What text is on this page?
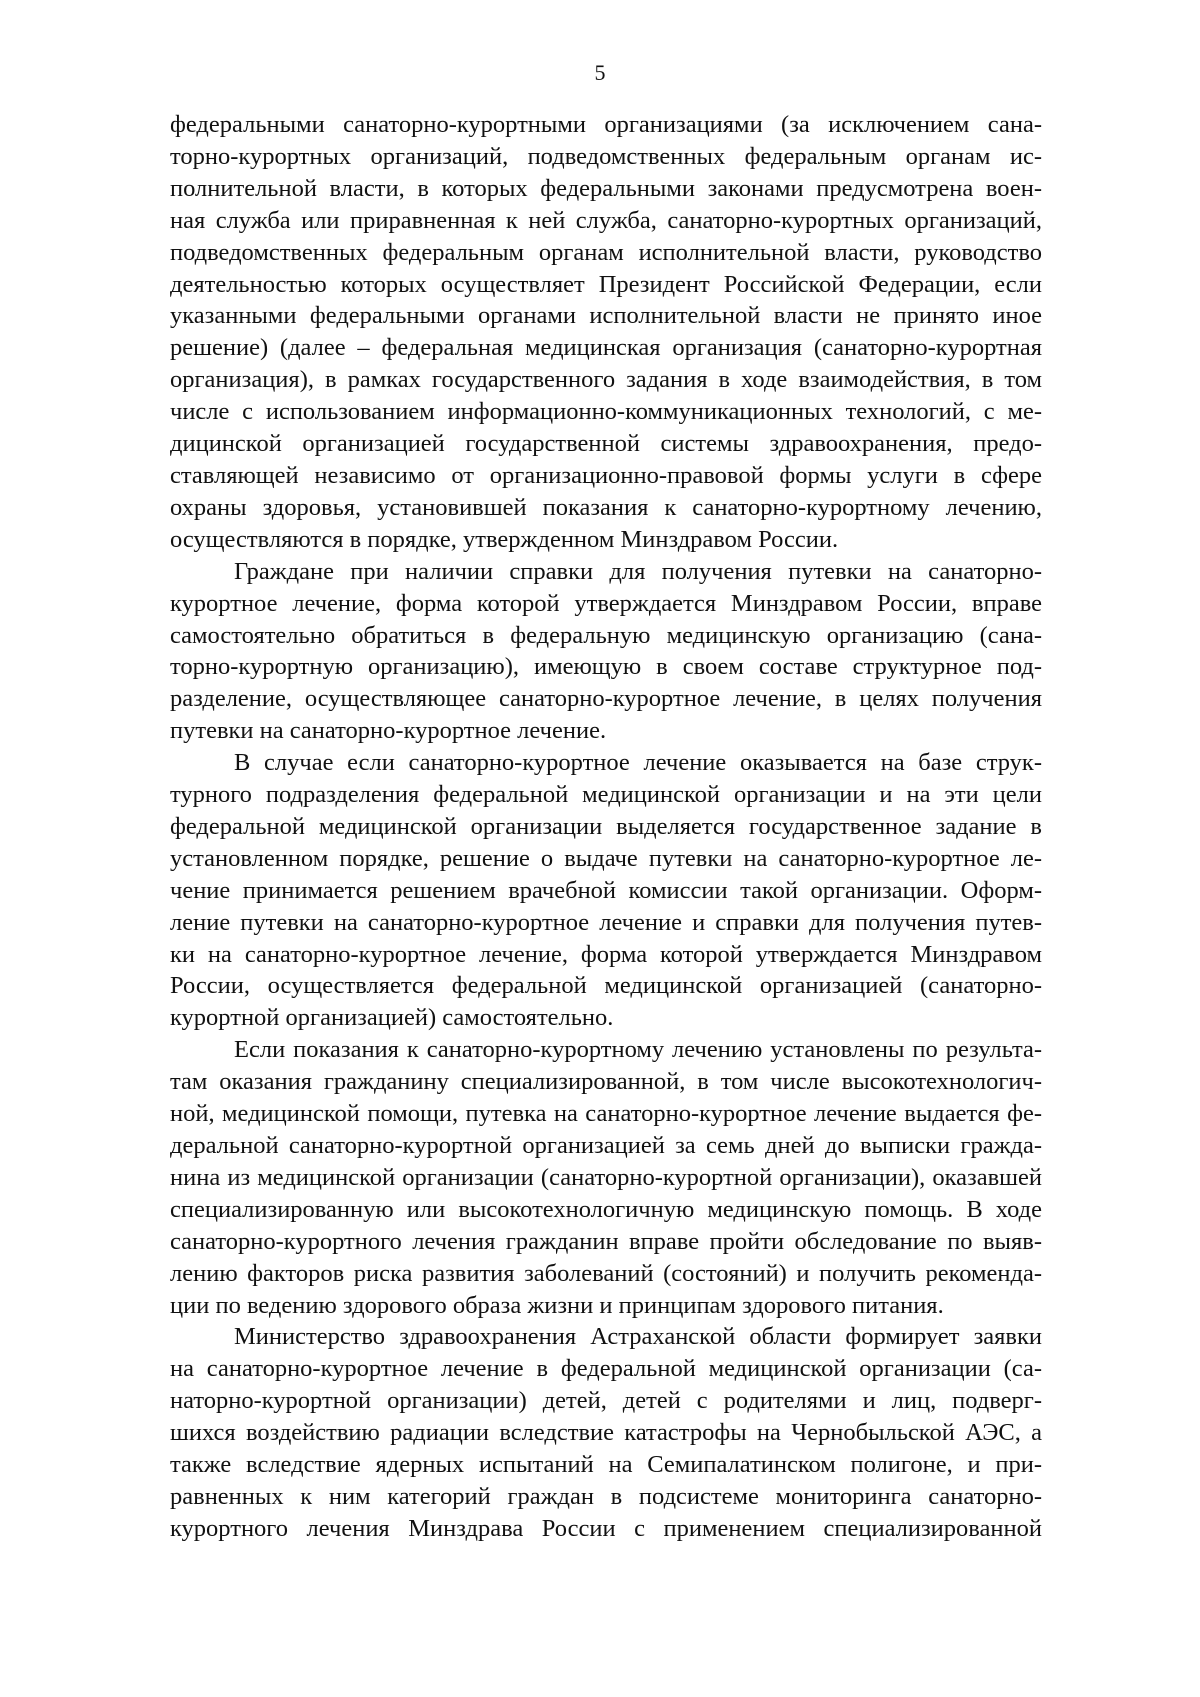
5
федеральными санаторно-курортными организациями (за исключением сана-
торно-курортных организаций, подведомственных федеральным органам ис-
полнительной власти, в которых федеральными законами предусмотрена воен-
ная служба или приравненная к ней служба, санаторно-курортных организаций,
подведомственных федеральным органам исполнительной власти, руководство
деятельностью которых осуществляет Президент Российской Федерации, если
указанными федеральными органами исполнительной власти не принято иное
решение) (далее – федеральная медицинская организация (санаторно-курортная
организация), в рамках государственного задания в ходе взаимодействия, в том
числе с использованием информационно-коммуникационных технологий, с ме-
дицинской организацией государственной системы здравоохранения, предо-
ставляющей независимо от организационно-правовой формы услуги в сфере
охраны здоровья, установившей показания к санаторно-курортному лечению,
осуществляются в порядке, утвержденном Минздравом России.
Граждане при наличии справки для получения путевки на санаторно-
курортное лечение, форма которой утверждается Минздравом России, вправе
самостоятельно обратиться в федеральную медицинскую организацию (сана-
торно-курортную организацию), имеющую в своем составе структурное под-
разделение, осуществляющее санаторно-курортное лечение, в целях получения
путевки на санаторно-курортное лечение.
В случае если санаторно-курортное лечение оказывается на базе струк-
турного подразделения федеральной медицинской организации и на эти цели
федеральной медицинской организации выделяется государственное задание в
установленном порядке, решение о выдаче путевки на санаторно-курортное ле-
чение принимается решением врачебной комиссии такой организации. Оформ-
ление путевки на санаторно-курортное лечение и справки для получения путев-
ки на санаторно-курортное лечение, форма которой утверждается Минздравом
России, осуществляется федеральной медицинской организацией (санаторно-
курортной организацией) самостоятельно.
Если показания к санаторно-курортному лечению установлены по результа-
там оказания гражданину специализированной, в том числе высокотехнологич-
ной, медицинской помощи, путевка на санаторно-курортное лечение выдается фе-
деральной санаторно-курортной организацией за семь дней до выписки гражда-
нина из медицинской организации (санаторно-курортной организации), оказавшей
специализированную или высокотехнологичную медицинскую помощь. В ходе
санаторно-курортного лечения гражданин вправе пройти обследование по выяв-
лению факторов риска развития заболеваний (состояний) и получить рекоменда-
ции по ведению здорового образа жизни и принципам здорового питания.
Министерство здравоохранения Астраханской области формирует заявки
на санаторно-курортное лечение в федеральной медицинской организации (са-
наторно-курортной организации) детей, детей с родителями и лиц, подверг-
шихся воздействию радиации вследствие катастрофы на Чернобыльской АЭС, а
также вследствие ядерных испытаний на Семипалатинском полигоне, и при-
равненных к ним категорий граждан в подсистеме мониторинга санаторно-
курортного лечения Минздрава России с применением специализированной
